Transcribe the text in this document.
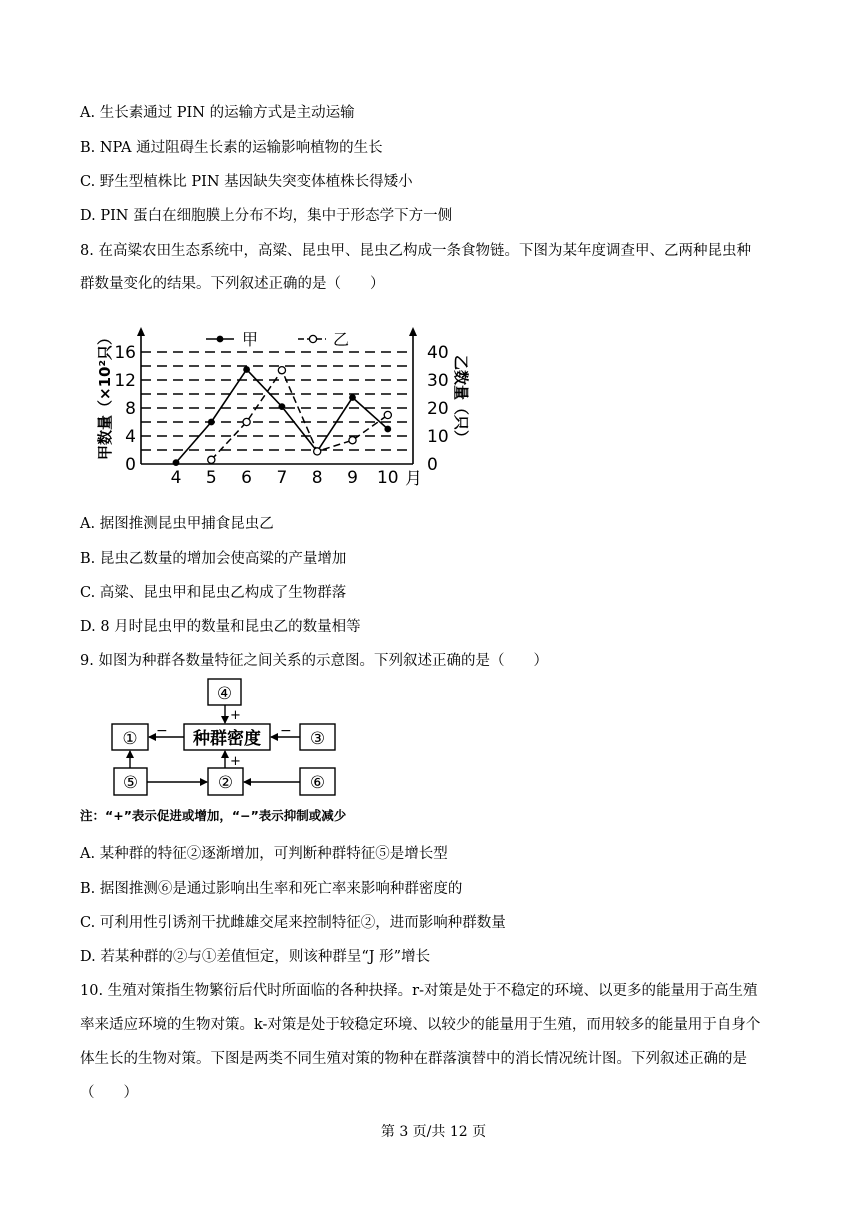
A. 生长素通过 PIN 的运输方式是主动运输
B. NPA 通过阻碍生长素的运输影响植物的生长
C. 野生型植株比 PIN 基因缺失突变体植株长得矮小
D. PIN 蛋白在细胞膜上分布不均，集中于形态学下方一侧
8. 在高粱农田生态系统中，高粱、昆虫甲、昆虫乙构成一条食物链。下图为某年度调查甲、乙两种昆虫种
群数量变化的结果。下列叙述正确的是（　　）
0
4
8
12
16
0
10
20
30
40
4 5 6 7 8 9 10 月
甲数量（×10²只）	乙数量（只）
甲	乙
A. 据图推测昆虫甲捕食昆虫乙
B. 昆虫乙数量的增加会使高粱的产量增加
C. 高粱、昆虫甲和昆虫乙构成了生物群落
D. 8 月时昆虫甲的数量和昆虫乙的数量相等
9. 如图为种群各数量特征之间关系的示意图。下列叙述正确的是（　　）
④
①	种群密度	③
⑤	②	⑥
+
+
−	−
注：“+”表示促进或增加，“−”表示抑制或减少
A. 某种群的特征②逐渐增加，可判断种群特征⑤是增长型
B. 据图推测⑥是通过影响出生率和死亡率来影响种群密度的
C. 可利用性引诱剂干扰雌雄交尾来控制特征②，进而影响种群数量
D. 若某种群的②与①差值恒定，则该种群呈“J 形”增长
10. 生殖对策指生物繁衍后代时所面临的各种抉择。r-对策是处于不稳定的环境、以更多的能量用于高生殖
率来适应环境的生物对策。k-对策是处于较稳定环境、以较少的能量用于生殖，而用较多的能量用于自身个
体生长的生物对策。下图是两类不同生殖对策的物种在群落演替中的消长情况统计图。下列叙述正确的是
（　　）
第 3 页/共 12 页
